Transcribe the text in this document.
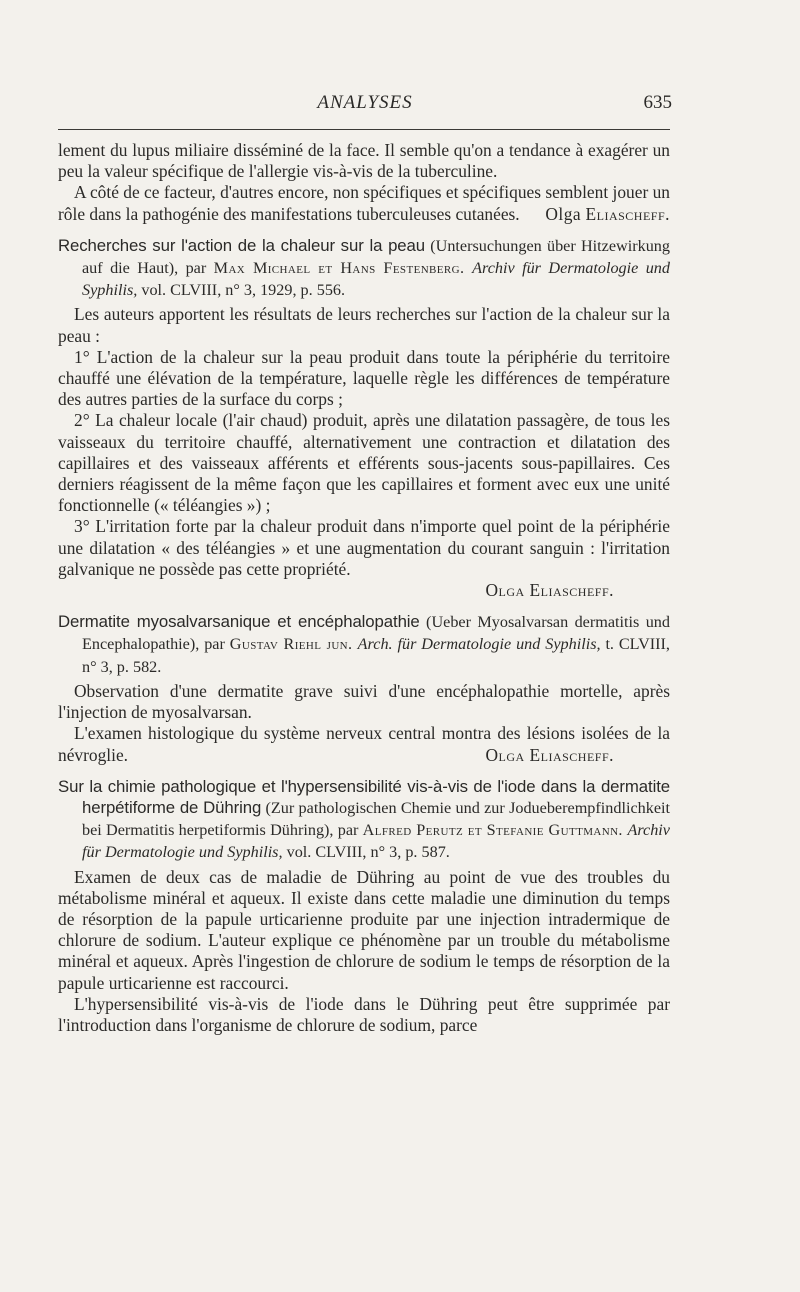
ANALYSES	635

lement du lupus miliaire disséminé de la face. Il semble qu'on a tendance à exagérer un peu la valeur spécifique de l'allergie vis-à-vis de la tuberculine.

A côté de ce facteur, d'autres encore, non spécifiques et spécifiques semblent jouer un rôle dans la pathogénie des manifestations tuberculeuses cutanées.	Olga Eliascheff.
Recherches sur l'action de la chaleur sur la peau (Untersuchungen über Hitzewirkung auf die Haut), par Max Michael et Hans Festenberg. Archiv für Dermatologie und Syphilis, vol. CLVIII, n° 3, 1929, p. 556.

Les auteurs apportent les résultats de leurs recherches sur l'action de la chaleur sur la peau :

1° L'action de la chaleur sur la peau produit dans toute la périphérie du territoire chauffé une élévation de la température, laquelle règle les différences de température des autres parties de la surface du corps ;

2° La chaleur locale (l'air chaud) produit, après une dilatation passagère, de tous les vaisseaux du territoire chauffé, alternativement une contraction et dilatation des capillaires et des vaisseaux afférents et efférents sous-jacents sous-papillaires. Ces derniers réagissent de la même façon que les capillaires et forment avec eux une unité fonctionnelle (« téléangies ») ;

3° L'irritation forte par la chaleur produit dans n'importe quel point de la périphérie une dilatation « des téléangies » et une augmentation du courant sanguin : l'irritation galvanique ne possède pas cette propriété.

Olga Eliascheff.
Dermatite myosalvarsanique et encéphalopathie (Ueber Myosalvarsan dermatitis und Encephalopathie), par Gustav Riehl jun. Arch. für Dermatologie und Syphilis, t. CLVIII, n° 3, p. 582.

Observation d'une dermatite grave suivi d'une encéphalopathie mortelle, après l'injection de myosalvarsan.

L'examen histologique du système nerveux central montra des lésions isolées de la névroglie.	Olga Eliascheff.
Sur la chimie pathologique et l'hypersensibilité vis-à-vis de l'iode dans la dermatite herpétiforme de Dühring (Zur pathologischen Chemie und zur Jodueberempfindlichkeit bei Dermatitis herpetiformis Dühring), par Alfred Perutz et Stefanie Guttmann. Archiv für Dermatologie und Syphilis, vol. CLVIII, n° 3, p. 587.

Examen de deux cas de maladie de Dühring au point de vue des troubles du métabolisme minéral et aqueux. Il existe dans cette maladie une diminution du temps de résorption de la papule urticarienne produite par une injection intradermique de chlorure de sodium. L'auteur explique ce phénomène par un trouble du métabolisme minéral et aqueux. Après l'ingestion de chlorure de sodium le temps de résorption de la papule urticarienne est raccourci.

L'hypersensibilité vis-à-vis de l'iode dans le Dühring peut être supprimée par l'introduction dans l'organisme de chlorure de sodium, parce
